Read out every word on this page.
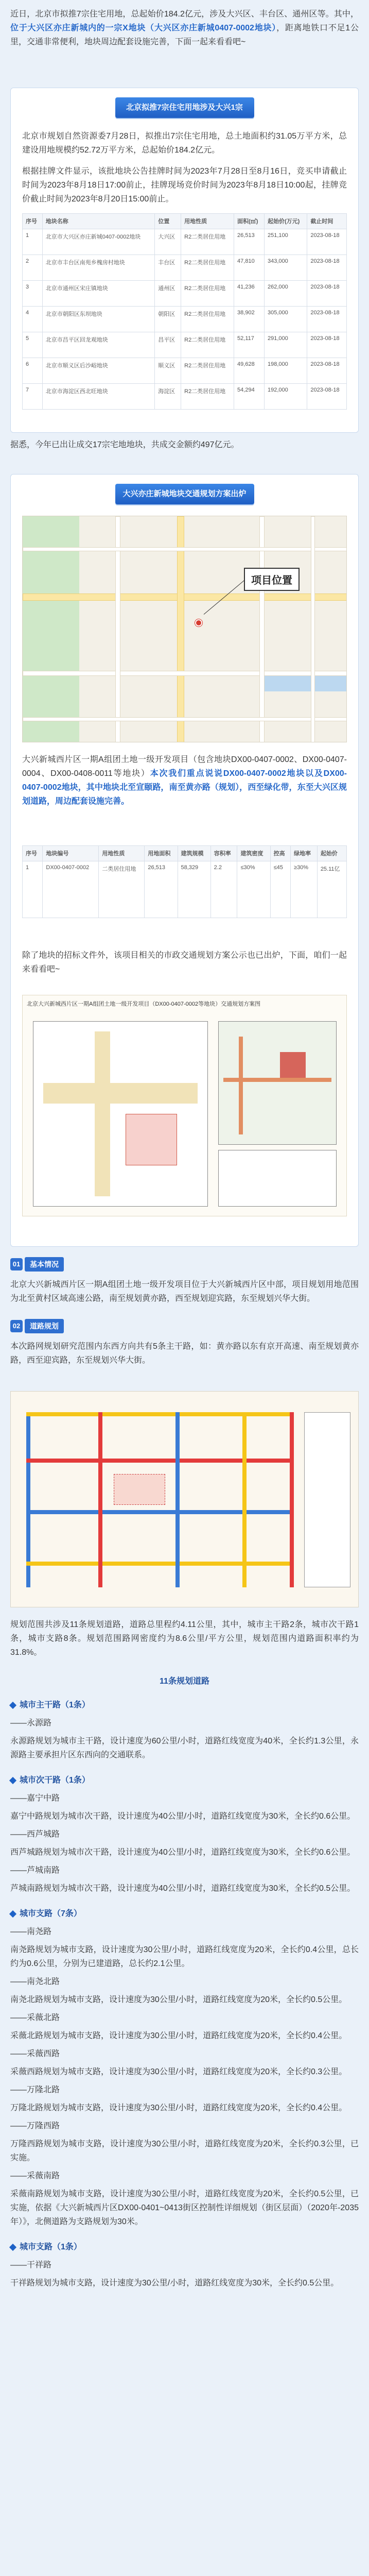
近日，北京市拟推7宗住宅用地，总起始价184.2亿元，涉及大兴区、丰台区、通州区等。其中，位于大兴区亦庄新城内的一宗X地块（大兴区亦庄新城0407-0002地块），距离地铁口不足1公里，交通非常便利，地块周边配套设施完善，下面一起来看看吧~

北京拟推7宗住宅用地涉及大兴1宗

北京市规划自然资源委7月28日，拟推出7宗住宅用地，总土地面积约31.05万平方米，总建设用地规模约52.72万平方米，总起始价184.2亿元。

根据挂牌文件显示，该批地块公告挂牌时间为2023年7月28日至8月16日，竞买申请截止时间为2023年8月18日17:00前止，挂牌现场竞价时间为2023年8月18日10:00起，挂牌竞价截止时间为2023年8月20日15:00前止。

序号	地块名称	位置	用地性质	面积(㎡)	起始价(万元)	截止时间
1	北京市大兴区亦庄新城0407-0002地块	大兴区	R2二类居住用地	26,513	251,100	2023-08-18
2	北京市丰台区南苑乡槐房村地块	丰台区	R2二类居住用地	47,810	343,000	2023-08-18
3	北京市通州区宋庄镇地块	通州区	R2二类居住用地	41,236	262,000	2023-08-18
4	北京市朝阳区东坝地块	朝阳区	R2二类居住用地	38,902	305,000	2023-08-18
5	北京市昌平区回龙观地块	昌平区	R2二类居住用地	52,117	291,000	2023-08-18
6	北京市顺义区后沙峪地块	顺义区	R2二类居住用地	49,628	198,000	2023-08-18
7	北京市海淀区西北旺地块	海淀区	R2二类居住用地	54,294	192,000	2023-08-18

据悉，今年已出让成交17宗宅地地块，共成交金额约497亿元。

大兴亦庄新城地块交通规划方案出炉
项目位置

大兴新城西片区一期A组团土地一级开发项目（包含地块DX00-0407-0002、DX00-0407-0004、DX00-0408-0011等地块）本次我们重点说说DX00-0407-0002地块以及DX00-0407-0002地块，其中地块北至宣颐路，南至黄亦路（规划），西至绿化带，东至大兴区规划道路，周边配套设施完善。

序号	地块编号	用地性质	用地面积	建筑规模	容积率	建筑密度	控高	绿地率	起始价
1	DX00-0407-0002	二类居住用地	26,513	58,329	2.2	≤30%	≤45	≥30%	25.11亿

除了地块的招标文件外，该项目相关的市政交通规划方案公示也已出炉，下面，咱们一起来看看吧~

北京大兴新城西片区一期A组团土地一级开发项目（DX00-0407-0002等地块）交通规划方案图
01 基本情况

北京大兴新城西片区一期A组团土地一级开发项目位于大兴新城西片区中部，项目规划用地范围为北至黄村区域高速公路，南至规划黄亦路，西至规划迎宾路，东至规划兴华大街。

02 道路规划

本次路网规划研究范围内东西方向共有5条主干路，如：黄亦路以东有京开高速、南至规划黄亦路，西至迎宾路，东至规划兴华大街。

规划范围共涉及11条规划道路，道路总里程约4.11公里，其中，城市主干路2条，城市次干路1条，城市支路8条。规划范围路网密度约为8.6公里/平方公里，规划范围内道路面积率约为31.8%。

11条规划道路

城市主干路（1条）

——永源路

永源路规划为城市主干路，设计速度为60公里/小时，道路红线宽度为40米，全长约1.3公里，永源路主要承担片区东西向的交通联系。

城市次干路（1条）

——嘉宁中路

嘉宁中路规划为城市次干路，设计速度为40公里/小时，道路红线宽度为30米，全长约0.6公里。

——西芦城路

西芦城路规划为城市次干路，设计速度为40公里/小时，道路红线宽度为30米，全长约0.6公里。

——芦城南路

芦城南路规划为城市次干路，设计速度为40公里/小时，道路红线宽度为30米，全长约0.5公里。

城市支路（7条）

——南尧路

南尧路规划为城市支路，设计速度为30公里/小时，道路红线宽度为20米，全长约0.4公里，总长约为0.6公里，分别为已建道路，总长约2.1公里。

——南尧北路

南尧北路规划为城市支路，设计速度为30公里/小时，道路红线宽度为20米，全长约0.5公里。

——采薇北路

采薇北路规划为城市支路，设计速度为30公里/小时，道路红线宽度为20米，全长约0.4公里。

——采薇西路

采薇西路规划为城市支路，设计速度为30公里/小时，道路红线宽度为20米，全长约0.3公里。

——万隆北路

万隆北路规划为城市支路，设计速度为30公里/小时，道路红线宽度为20米，全长约0.4公里。

——万隆西路

万隆西路规划为城市支路，设计速度为30公里/小时，道路红线宽度为20米，全长约0.3公里，已实施。

——采薇南路

采薇南路规划为城市支路，设计速度为30公里/小时，道路红线宽度为20米，全长约0.5公里，已实施，依据《大兴新城西片区DX00-0401~0413街区控制性详细规划（街区层面）（2020年-2035年）》，北侧道路为支路规划为30米。

城市支路（1条）

——干祥路

干祥路规划为城市支路，设计速度为30公里/小时，道路红线宽度为30米，全长约0.5公里。
